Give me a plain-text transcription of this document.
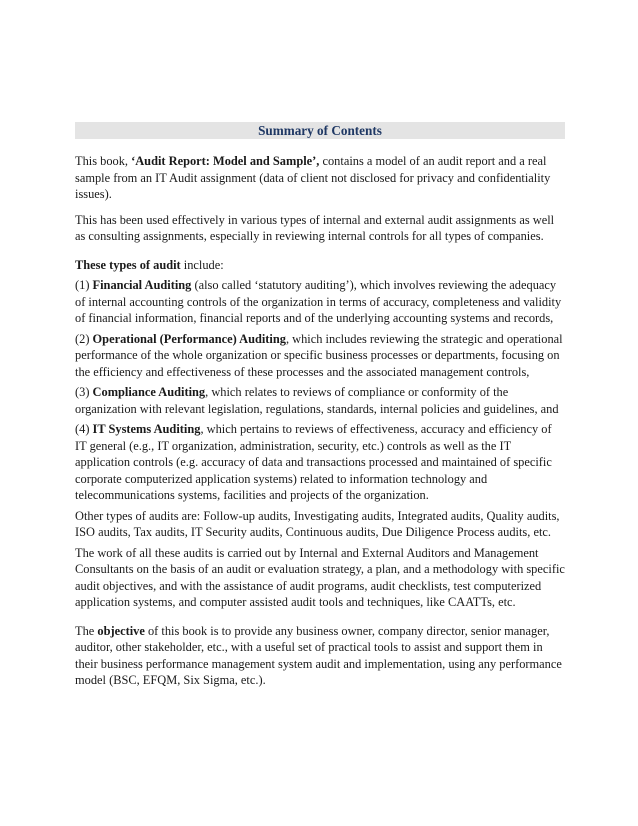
Summary of Contents

This book, ‘Audit Report: Model and Sample’, contains a model of an audit report and a real sample from an IT Audit assignment (data of client not disclosed for privacy and confidentiality issues).

This has been used effectively in various types of internal and external audit assignments as well as consulting assignments, especially in reviewing internal controls for all types of companies.

These types of audit include:

(1) Financial Auditing (also called ‘statutory auditing’), which involves reviewing the adequacy of internal accounting controls of the organization in terms of accuracy, completeness and validity of financial information, financial reports and of the underlying accounting systems and records,

(2) Operational (Performance) Auditing, which includes reviewing the strategic and operational performance of the whole organization or specific business processes or departments, focusing on the efficiency and effectiveness of these processes and the associated management controls,

(3) Compliance Auditing, which relates to reviews of compliance or conformity of the organization with relevant legislation, regulations, standards, internal policies and guidelines, and

(4) IT Systems Auditing, which pertains to reviews of effectiveness, accuracy and efficiency of IT general (e.g., IT organization, administration, security, etc.) controls as well as the IT application controls (e.g. accuracy of data and transactions processed and maintained of specific corporate computerized application systems) related to information technology and telecommunications systems, facilities and projects of the organization.

Other types of audits are: Follow-up audits, Investigating audits, Integrated audits, Quality audits, ISO audits, Tax audits, IT Security audits, Continuous audits, Due Diligence Process audits, etc.

The work of all these audits is carried out by Internal and External Auditors and Management Consultants on the basis of an audit or evaluation strategy, a plan, and a methodology with specific audit objectives, and with the assistance of audit programs, audit checklists, test computerized application systems, and computer assisted audit tools and techniques, like CAATTs, etc.

The objective of this book is to provide any business owner, company director, senior manager, auditor, other stakeholder, etc., with a useful set of practical tools to assist and support them in their business performance management system audit and implementation, using any performance model (BSC, EFQM, Six Sigma, etc.).
